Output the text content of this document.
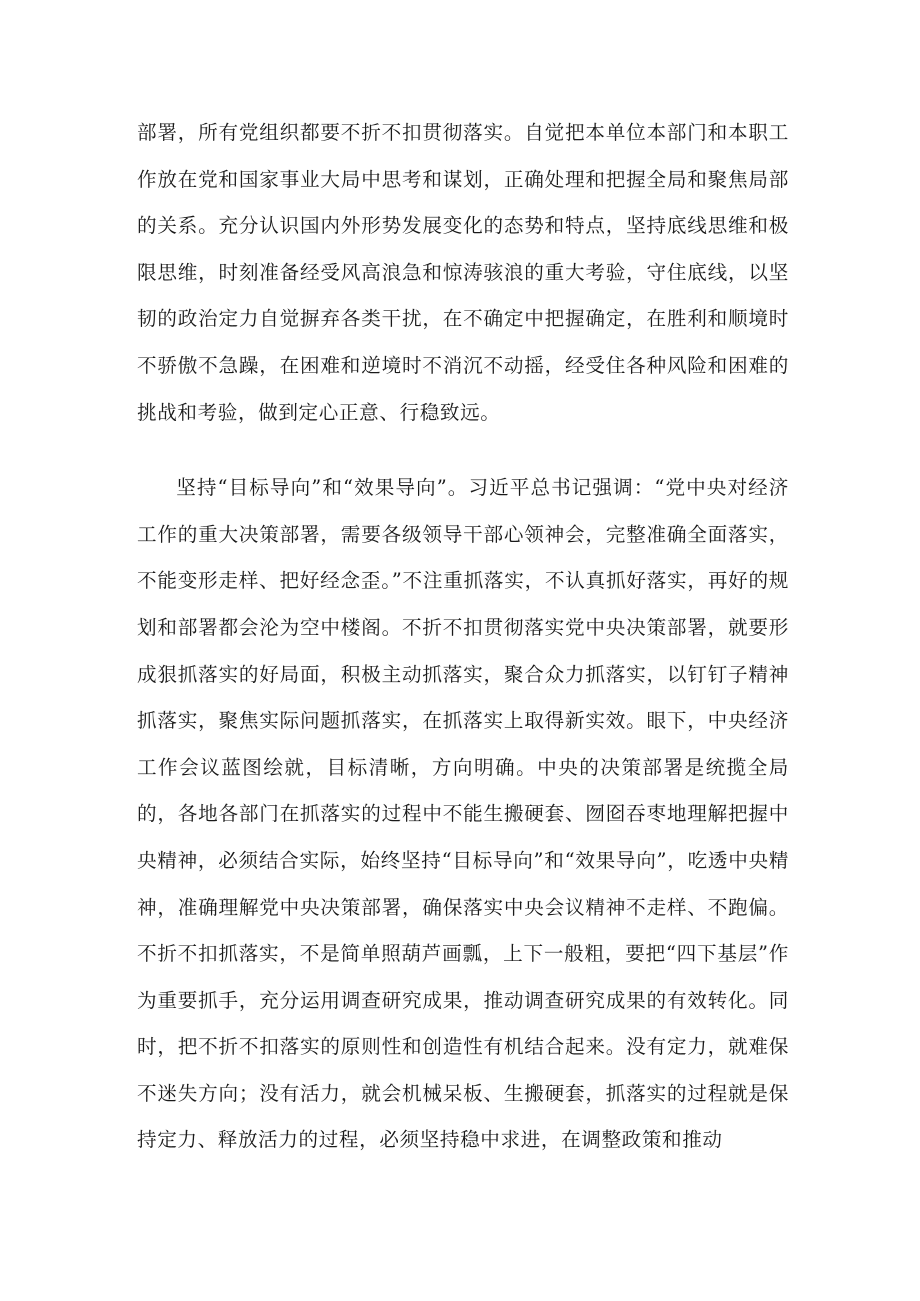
部署，所有党组织都要不折不扣贯彻落实。自觉把本单位本部门和本职工作放在党和国家事业大局中思考和谋划，正确处理和把握全局和聚焦局部的关系。充分认识国内外形势发展变化的态势和特点，坚持底线思维和极限思维，时刻准备经受风高浪急和惊涛骇浪的重大考验，守住底线，以坚韧的政治定力自觉摒弃各类干扰，在不确定中把握确定，在胜利和顺境时不骄傲不急躁，在困难和逆境时不消沉不动摇，经受住各种风险和困难的挑战和考验，做到定心正意、行稳致远。

坚持“目标导向”和“效果导向”。习近平总书记强调：“党中央对经济工作的重大决策部署，需要各级领导干部心领神会，完整准确全面落实，不能变形走样、把好经念歪。”不注重抓落实，不认真抓好落实，再好的规划和部署都会沦为空中楼阁。不折不扣贯彻落实党中央决策部署，就要形成狠抓落实的好局面，积极主动抓落实，聚合众力抓落实，以钉钉子精神抓落实，聚焦实际问题抓落实，在抓落实上取得新实效。眼下，中央经济工作会议蓝图绘就，目标清晰，方向明确。中央的决策部署是统揽全局的，各地各部门在抓落实的过程中不能生搬硬套、囫囵吞枣地理解把握中央精神，必须结合实际，始终坚持“目标导向”和“效果导向”，吃透中央精神，准确理解党中央决策部署，确保落实中央会议精神不走样、不跑偏。不折不扣抓落实，不是简单照葫芦画瓢，上下一般粗，要把“四下基层”作为重要抓手，充分运用调查研究成果，推动调查研究成果的有效转化。同时，把不折不扣落实的原则性和创造性有机结合起来。没有定力，就难保不迷失方向；没有活力，就会机械呆板、生搬硬套，抓落实的过程就是保持定力、释放活力的过程，必须坚持稳中求进，在调整政策和推动
